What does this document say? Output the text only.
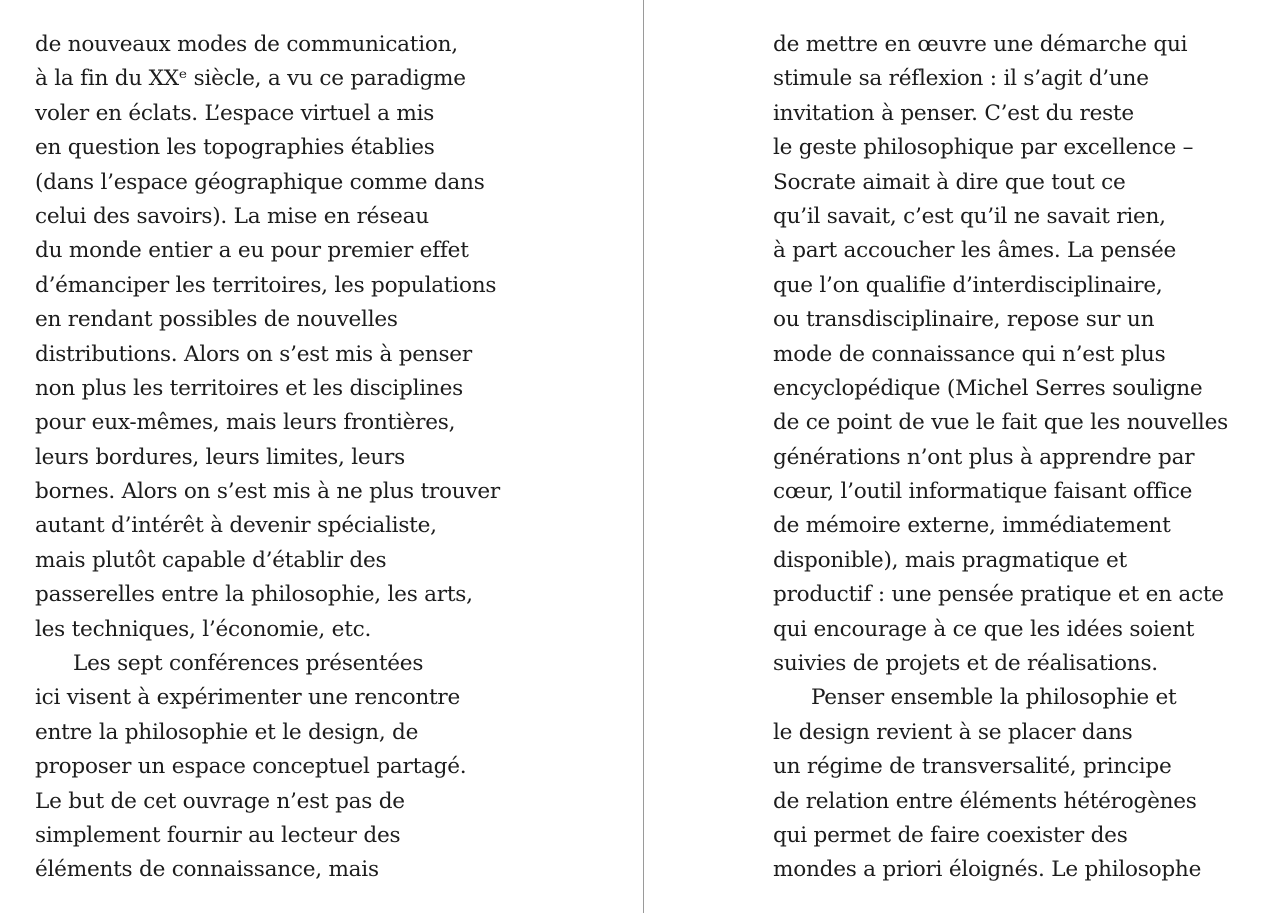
de nouveaux modes de communication,
à la fin du XXᵉ siècle, a vu ce paradigme
voler en éclats. L’espace virtuel a mis
en question les topographies établies
(dans l’espace géographique comme dans
celui des savoirs). La mise en réseau
du monde entier a eu pour premier effet
d’émanciper les territoires, les populations
en rendant possibles de nouvelles
distributions. Alors on s’est mis à penser
non plus les territoires et les disciplines
pour eux-mêmes, mais leurs frontières,
leurs bordures, leurs limites, leurs
bornes. Alors on s’est mis à ne plus trouver
autant d’intérêt à devenir spécialiste,
mais plutôt capable d’établir des
passerelles entre la philosophie, les arts,
les techniques, l’économie, etc.
Les sept conférences présentées
ici visent à expérimenter une rencontre
entre la philosophie et le design, de
proposer un espace conceptuel partagé.
Le but de cet ouvrage n’est pas de
simplement fournir au lecteur des
éléments de connaissance, mais
de mettre en œuvre une démarche qui
stimule sa réflexion : il s’agit d’une
invitation à penser. C’est du reste
le geste philosophique par excellence –
Socrate aimait à dire que tout ce
qu’il savait, c’est qu’il ne savait rien,
à part accoucher les âmes. La pensée
que l’on qualifie d’interdisciplinaire,
ou transdisciplinaire, repose sur un
mode de connaissance qui n’est plus
encyclopédique (Michel Serres souligne
de ce point de vue le fait que les nouvelles
générations n’ont plus à apprendre par
cœur, l’outil informatique faisant office
de mémoire externe, immédiatement
disponible), mais pragmatique et
productif : une pensée pratique et en acte
qui encourage à ce que les idées soient
suivies de projets et de réalisations.
Penser ensemble la philosophie et
le design revient à se placer dans
un régime de transversalité, principe
de relation entre éléments hétérogènes
qui permet de faire coexister des
mondes a priori éloignés. Le philosophe
